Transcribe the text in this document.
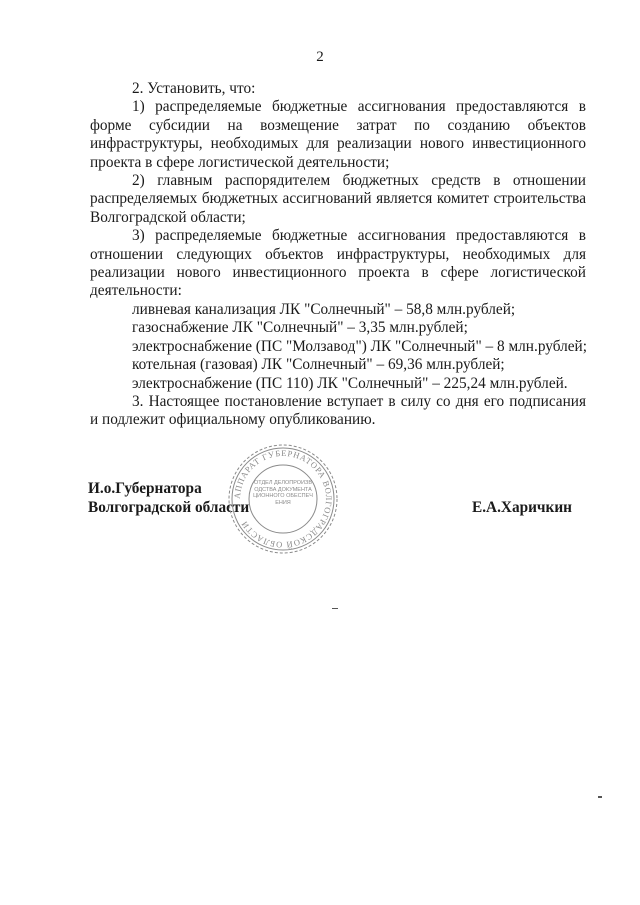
2

2. Установить, что:

1) распределяемые бюджетные ассигнования предоставляются в форме субсидии на возмещение затрат по созданию объектов инфраструктуры, необходимых для реализации нового инвестиционного проекта в сфере логистической деятельности;

2) главным распорядителем бюджетных средств в отношении распределяемых бюджетных ассигнований является комитет строительства Волгоградской области;

3) распределяемые бюджетные ассигнования предоставляются в отношении следующих объектов инфраструктуры, необходимых для реализации нового инвестиционного проекта в сфере логистической деятельности:

ливневая канализация ЛК "Солнечный" – 58,8 млн.рублей;

газоснабжение ЛК "Солнечный" – 3,35 млн.рублей;

электроснабжение (ПС "Молзавод") ЛК "Солнечный" – 8 млн.рублей;

котельная (газовая) ЛК "Солнечный" – 69,36 млн.рублей;

электроснабжение (ПС 110) ЛК "Солнечный" – 225,24 млн.рублей.

3. Настоящее постановление вступает в силу со дня его подписания и подлежит официальному опубликованию.

И.о.Губернатора
Волгоградской области
АППАРАТ ГУБЕРНАТОРА ВОЛГОГРАДСКОЙ ОБЛАСТИ
ОТДЕЛ ДЕЛОПРОИЗВОДСТВА ДОКУМЕНТАЦИОННОГО ОБЕСПЕЧЕНИЯ	Е.А.Харичкин
